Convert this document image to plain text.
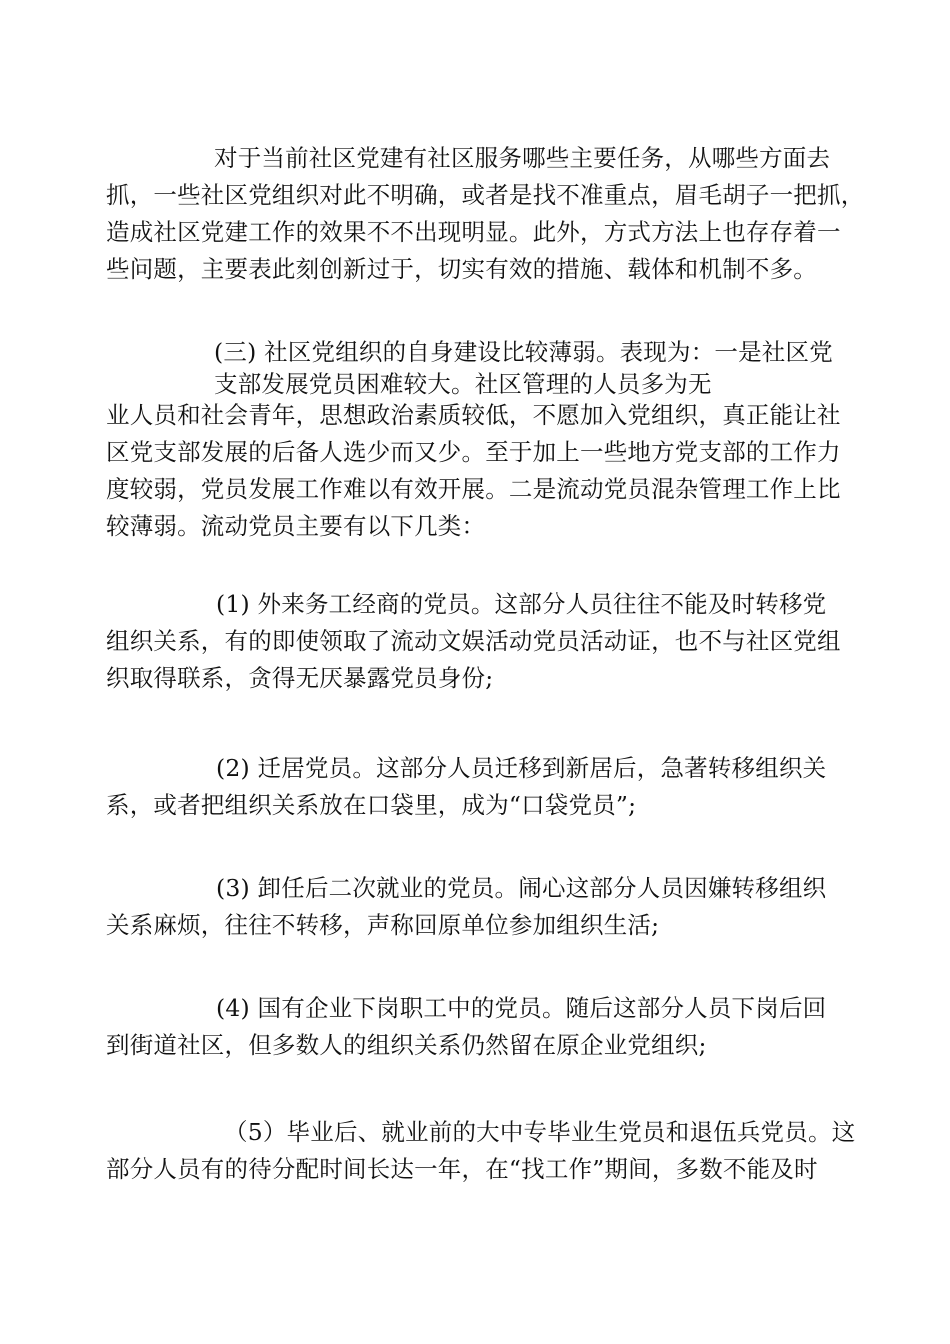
对于当前社区党建有社区服务哪些主要任务，从哪些方面去
抓，一些社区党组织对此不明确，或者是找不准重点，眉毛胡子一把抓，
造成社区党建工作的效果不不出现明显。此外，方式方法上也存存着一
些问题，主要表此刻创新过于，切实有效的措施、载体和机制不多。

(三) 社区党组织的自身建设比较薄弱。表现为：一是社区党
支部发展党员困难较大。社区管理的人员多为无
业人员和社会青年，思想政治素质较低，不愿加入党组织，真正能让社
区党支部发展的后备人选少而又少。至于加上一些地方党支部的工作力
度较弱，党员发展工作难以有效开展。二是流动党员混杂管理工作上比
较薄弱。流动党员主要有以下几类：

(1) 外来务工经商的党员。这部分人员往往不能及时转移党
组织关系，有的即使领取了流动文娱活动党员活动证，也不与社区党组
织取得联系，贪得无厌暴露党员身份;

(2) 迁居党员。这部分人员迁移到新居后，急著转移组织关
系，或者把组织关系放在口袋里，成为“口袋党员”;

(3) 卸任后二次就业的党员。闹心这部分人员因嫌转移组织
关系麻烦，往往不转移，声称回原单位参加组织生活;

(4) 国有企业下岗职工中的党员。随后这部分人员下岗后回
到街道社区，但多数人的组织关系仍然留在原企业党组织;

（5）毕业后、就业前的大中专毕业生党员和退伍兵党员。这
部分人员有的待分配时间长达一年，在“找工作”期间，多数不能及时
